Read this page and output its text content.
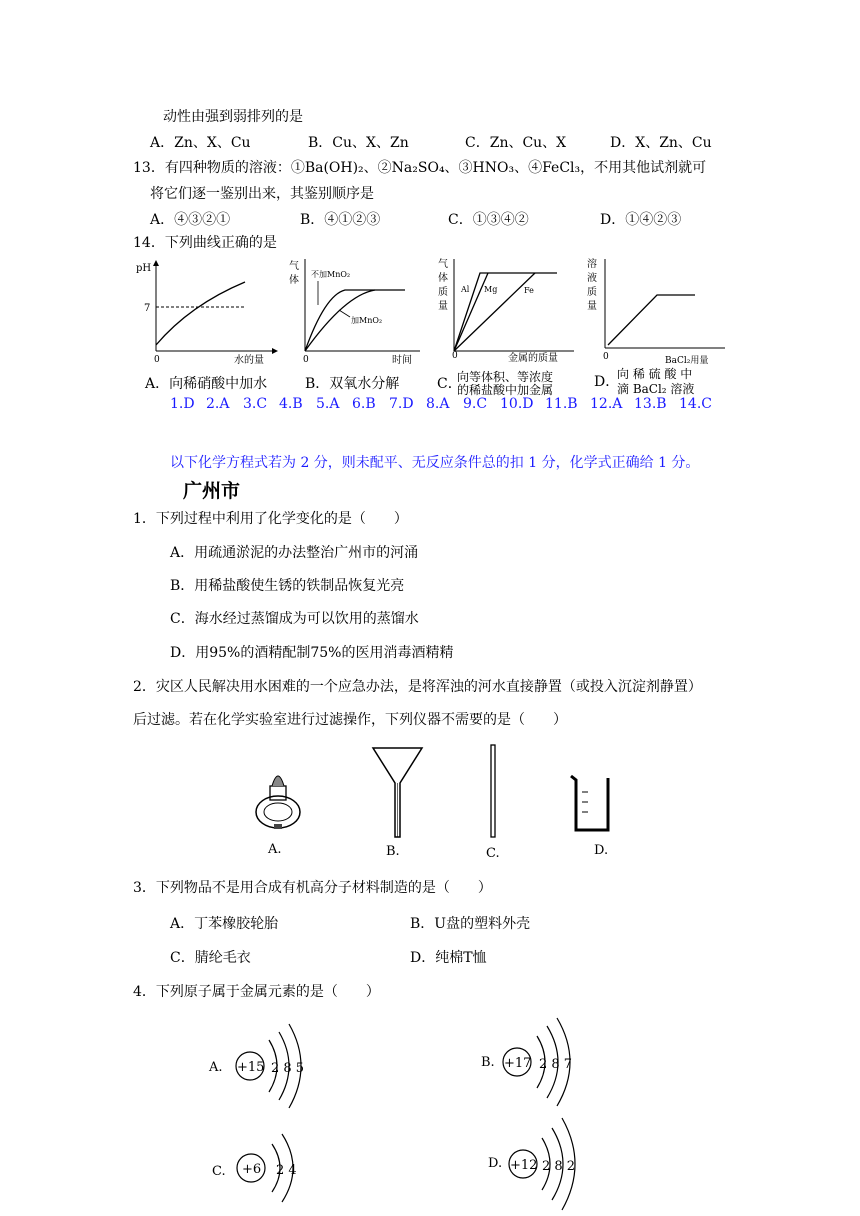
动性由强到弱排列的是
A．Zn、X、Cu	B．Cu、X、Zn	C．Zn、Cu、X	D．X、Zn、Cu
13．有四种物质的溶液：①Ba(OH)₂、②Na₂SO₄、③HNO₃、④FeCl₃，不用其他试剂就可
将它们逐一鉴别出来，其鉴别顺序是
A．④③②①	B．④①②③	C．①③④②	D．①④②③
14．下列曲线正确的是
pH
7
0	水的量
A．向稀硝酸中加水
气
体
不加MnO₂
加MnO₂
0	时间
B．双氧水分解
气
体
质
量
Al Mg	Fe
0	金属的质量
C．
向等体积、等浓度
的稀盐酸中加金属
溶
液
质
量
0	BaCl₂用量
D．
向 稀 硫 酸 中
滴 BaCl₂ 溶液
1.D 2.A 3.C 4.B 5.A 6.B 7.D 8.A 9.C 10.D 11.B 12.A 13.B 14.C
以下化学方程式若为 2 分，则未配平、无反应条件总的扣 1 分，化学式正确给 1 分。
广州市
1．下列过程中利用了化学变化的是（　　）
A．用疏通淤泥的办法整治广州市的河涌
B．用稀盐酸使生锈的铁制品恢复光亮
C．海水经过蒸馏成为可以饮用的蒸馏水
D．用95%的酒精配制75%的医用消毒酒精精
2．灾区人民解决用水困难的一个应急办法，是将浑浊的河水直接静置（或投入沉淀剂静置）
后过滤。若在化学实验室进行过滤操作，下列仪器不需要的是（　　）
A.	B.	C.	D.
3．下列物品不是用合成有机高分子材料制造的是（　　）
A．丁苯橡胶轮胎	B．U盘的塑料外壳
C．腈纶毛衣	D．纯棉T恤
4．下列原子属于金属元素的是（　　）
A. +15 2 8 5	B. +17 2 8 7
C. +6 2 4	D. +12 2 8 2
